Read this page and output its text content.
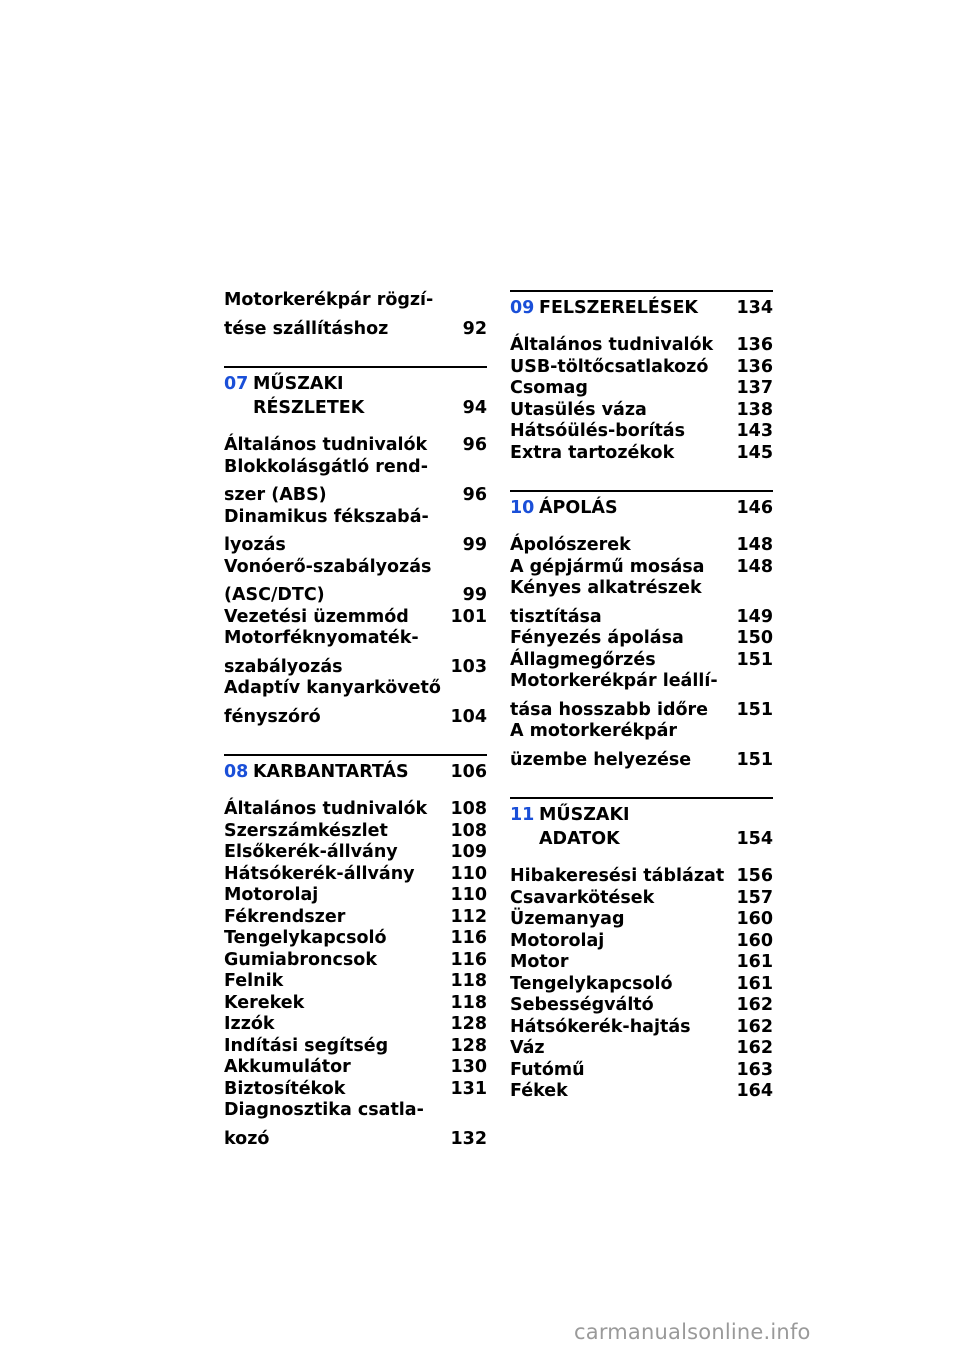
Motorkerékpár rögzí-
tése szállításhoz	92
07 MŰSZAKI
RÉSZLETEK	94
Általános tudnivalók 96
Blokkolásgátló rend-
szer (ABS)	96
Dinamikus fékszabá-
lyozás	99
Vonóerő-szabályozás
(ASC/DTC)	99
Vezetési üzemmód 101
Motorféknyomaték-
szabályozás	103
Adaptív kanyarkövető
fényszóró	104
08 KARBANTARTÁS 106
Általános tudnivalók 108
Szerszámkészlet	108
Elsőkerék-állvány	109
Hátsókerék-állvány 110
Motorolaj	110
Fékrendszer	112
Tengelykapcsoló	116
Gumiabroncsok	116
Felnik	118
Kerekek	118
Izzók	128
Indítási segítség	128
Akkumulátor	130
Biztosítékok	131
Diagnosztika csatla-
kozó	132
09 FELSZERELÉSEK 134
Általános tudnivalók 136
USB-töltőcsatlakozó 136
Csomag	137
Utasülés váza	138
Hátsóülés-borítás	143
Extra tartozékok	145
10 ÁPOLÁS	146
Ápolószerek	148
A gépjármű mosása 148
Kényes alkatrészek
tisztítása	149
Fényezés ápolása	150
Állagmegőrzés	151
Motorkerékpár leállí-
tása hosszabb időre	151
A motorkerékpár
üzembe helyezése	151
11 MŰSZAKI
ADATOK	154
Hibakeresési táblázat 156
Csavarkötések	157
Üzemanyag	160
Motorolaj	160
Motor	161
Tengelykapcsoló	161
Sebességváltó	162
Hátsókerék-hajtás	162
Váz	162
Futómű	163
Fékek	164
carmanualsonline.info
